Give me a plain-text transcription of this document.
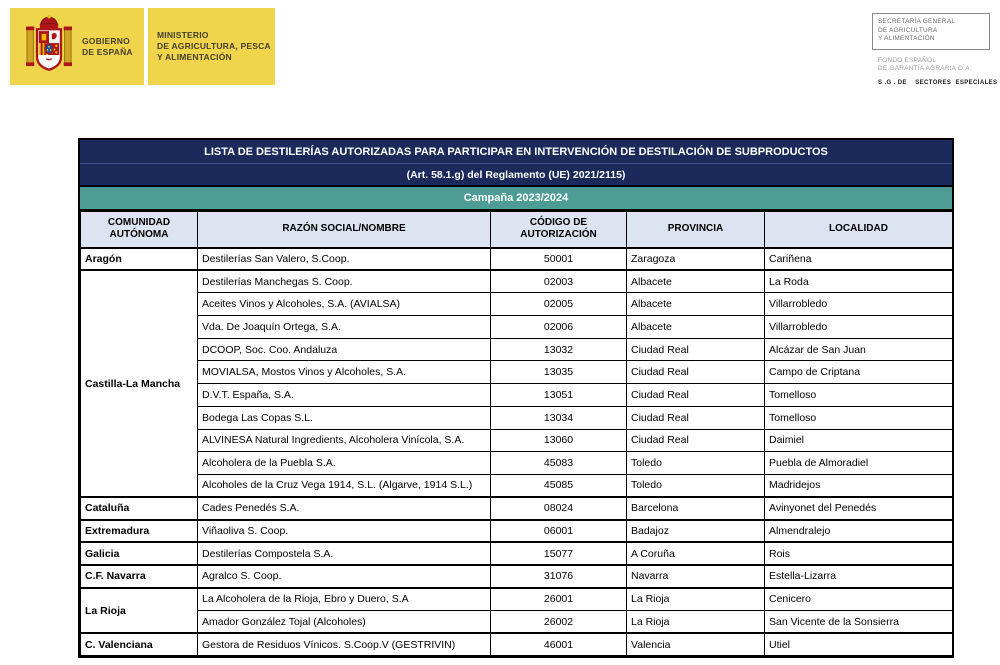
GOBIERNO
DE ESPAÑA
MINISTERIO
DE AGRICULTURA, PESCA
Y ALIMENTACIÓN
SECRETARÍA GENERAL
DE AGRICULTURA
Y ALIMENTACIÓN
FONDO ESPAÑOL
DE GARANTÍA AGRARIA O.A.
S .G . DE    SECTORES  ESPECIALES
LISTA DE DESTILERÍAS AUTORIZADAS PARA PARTICIPAR EN INTERVENCIÓN DE DESTILACIÓN DE SUBPRODUCTOS
(Art. 58.1.g) del Reglamento (UE) 2021/2115)
Campaña 2023/2024
COMUNIDAD AUTÓNOMA	RAZÓN SOCIAL/NOMBRE	CÓDIGO DE AUTORIZACIÓN	PROVINCIA	LOCALIDAD
Aragón	Destilerías San Valero, S.Coop.	50001	Zaragoza	Cariñena
Castilla-La Mancha	Destilerías Manchegas S. Coop.	02003	Albacete	La Roda
	Aceites Vinos y Alcoholes, S.A. (AVIALSA)	02005	Albacete	Villarrobledo
	Vda. De Joaquín Ortega, S.A.	02006	Albacete	Villarrobledo
	DCOOP, Soc. Coo. Andaluza	13032	Ciudad Real	Alcázar de San Juan
	MOVIALSA, Mostos Vinos y Alcoholes, S.A.	13035	Ciudad Real	Campo de Criptana
	D.V.T. España, S.A.	13051	Ciudad Real	Tomelloso
	Bodega Las Copas S.L.	13034	Ciudad Real	Tomelloso
	ALVINESA Natural Ingredients, Alcoholera Vinícola, S.A.	13060	Ciudad Real	Daimiel
	Alcoholera de la Puebla S.A.	45083	Toledo	Puebla de Almoradiel
	Alcoholes de la Cruz Vega 1914, S.L. (Algarve, 1914 S.L.)	45085	Toledo	Madridejos
Cataluña	Cades Penedés S.A.	08024	Barcelona	Avinyonet del Penedés
Extremadura	Viñaoliva S. Coop.	06001	Badajoz	Almendralejo
Galicia	Destilerías Compostela S.A.	15077	A Coruña	Rois
C.F. Navarra	Agralco S. Coop.	31076	Navarra	Estella-Lizarra
La Rioja	La Alcoholera de la Rioja, Ebro y Duero, S.A	26001	La Rioja	Cenicero
	Amador González Tojal (Alcoholes)	26002	La Rioja	San Vicente de la Sonsierra
C. Valenciana	Gestora de Residuos Vínicos. S.Coop.V (GESTRIVIN)	46001	Valencia	Utiel
